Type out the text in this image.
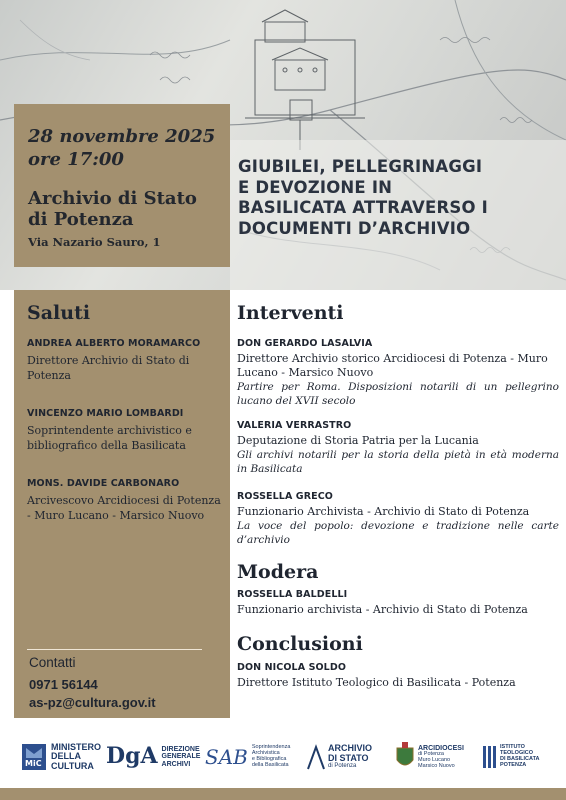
28 novembre 2025
ore 17:00
Archivio di Stato
di Potenza
Via Nazario Sauro, 1
GIUBILEI, PELLEGRINAGGI
E DEVOZIONE IN
BASILICATA ATTRAVERSO I
DOCUMENTI D’ARCHIVIO
Saluti
ANDREA ALBERTO MORAMARCO
Direttore Archivio di Stato di Potenza
VINCENZO MARIO LOMBARDI
Soprintendente archivistico e bibliografico della Basilicata
MONS. DAVIDE CARBONARO
Arcivescovo Arcidiocesi di Potenza - Muro Lucano - Marsico Nuovo
Contatti
0971 56144
as-pz@cultura.gov.it
Interventi
DON GERARDO LASALVIA
Direttore Archivio storico Arcidiocesi di Potenza - Muro Lucano - Marsico Nuovo
Partire per Roma. Disposizioni notarili di un pellegrino lucano del XVII secolo
VALERIA VERRASTRO
Deputazione di Storia Patria per la Lucania
Gli archivi notarili per la storia della pietà in età moderna in Basilicata
ROSSELLA GRECO
Funzionario Archivista - Archivio di Stato di Potenza
La voce del popolo: devozione e tradizione nelle carte d’archivio
Modera
ROSSELLA BALDELLI
Funzionario archivista - Archivio di Stato di Potenza
Conclusioni
DON NICOLA SOLDO
Direttore Istituto Teologico di Basilicata - Potenza
MiC
MINISTERO
DELLA
CULTURA DgA DIREZIONE
GENERALE
ARCHIVI SAB Soprintendenza
Archivistica
e Bibliografica
della Basilicata
ARCHIVIO
DI STATO
di Potenza
ARCIDIOCESI
di Potenza
Muro Lucano
Marsico Nuovo
ISTITUTO
TEOLOGICO
DI BASILICATA
POTENZA
